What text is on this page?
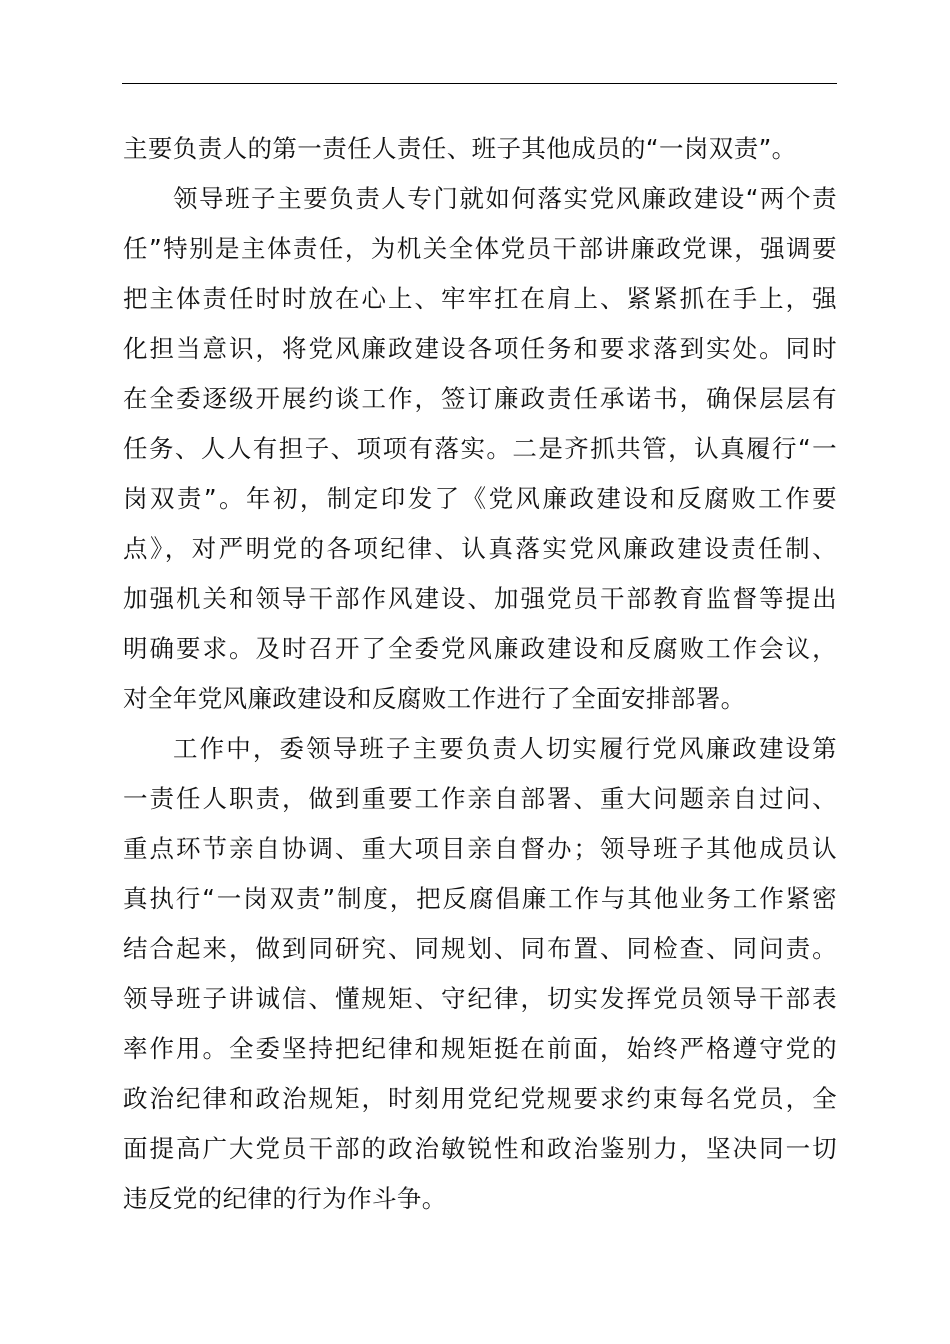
主要负责人的第一责任人责任、班子其他成员的“一岗双责”。
领导班子主要负责人专门就如何落实党风廉政建设“两个责
任”特别是主体责任，为机关全体党员干部讲廉政党课，强调要
把主体责任时时放在心上、牢牢扛在肩上、紧紧抓在手上，强
化担当意识，将党风廉政建设各项任务和要求落到实处。同时
在全委逐级开展约谈工作，签订廉政责任承诺书，确保层层有
任务、人人有担子、项项有落实。二是齐抓共管，认真履行“一
岗双责”。年初，制定印发了《党风廉政建设和反腐败工作要
点》，对严明党的各项纪律、认真落实党风廉政建设责任制、
加强机关和领导干部作风建设、加强党员干部教育监督等提出
明确要求。及时召开了全委党风廉政建设和反腐败工作会议，
对全年党风廉政建设和反腐败工作进行了全面安排部署。
工作中，委领导班子主要负责人切实履行党风廉政建设第
一责任人职责，做到重要工作亲自部署、重大问题亲自过问、
重点环节亲自协调、重大项目亲自督办；领导班子其他成员认
真执行“一岗双责”制度，把反腐倡廉工作与其他业务工作紧密
结合起来，做到同研究、同规划、同布置、同检查、同问责。
领导班子讲诚信、懂规矩、守纪律，切实发挥党员领导干部表
率作用。全委坚持把纪律和规矩挺在前面，始终严格遵守党的
政治纪律和政治规矩，时刻用党纪党规要求约束每名党员，全
面提高广大党员干部的政治敏锐性和政治鉴别力，坚决同一切
违反党的纪律的行为作斗争。
